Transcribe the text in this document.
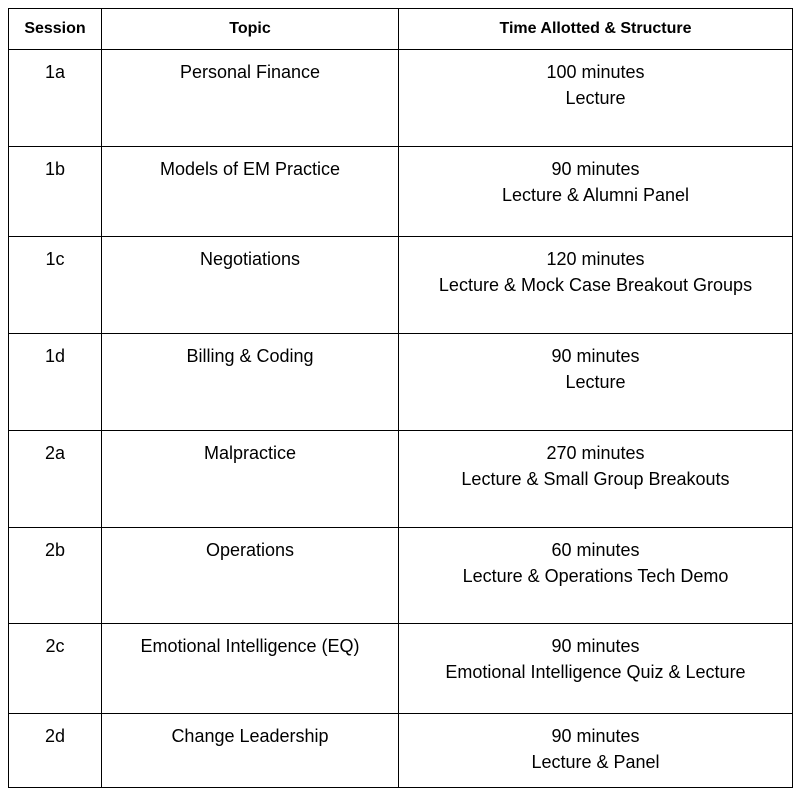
Session	Topic	Time Allotted & Structure
1a	Personal Finance	100 minutes
Lecture

1b	Models of EM Practice	90 minutes
Lecture & Alumni Panel

1c	Negotiations	120 minutes
Lecture & Mock Case Breakout Groups

1d	Billing & Coding	90 minutes
Lecture

2a	Malpractice	270 minutes
Lecture & Small Group Breakouts

2b	Operations	60 minutes
Lecture & Operations Tech Demo

2c	Emotional Intelligence (EQ)	90 minutes
Emotional Intelligence Quiz & Lecture

2d	Change Leadership	90 minutes
Lecture & Panel
